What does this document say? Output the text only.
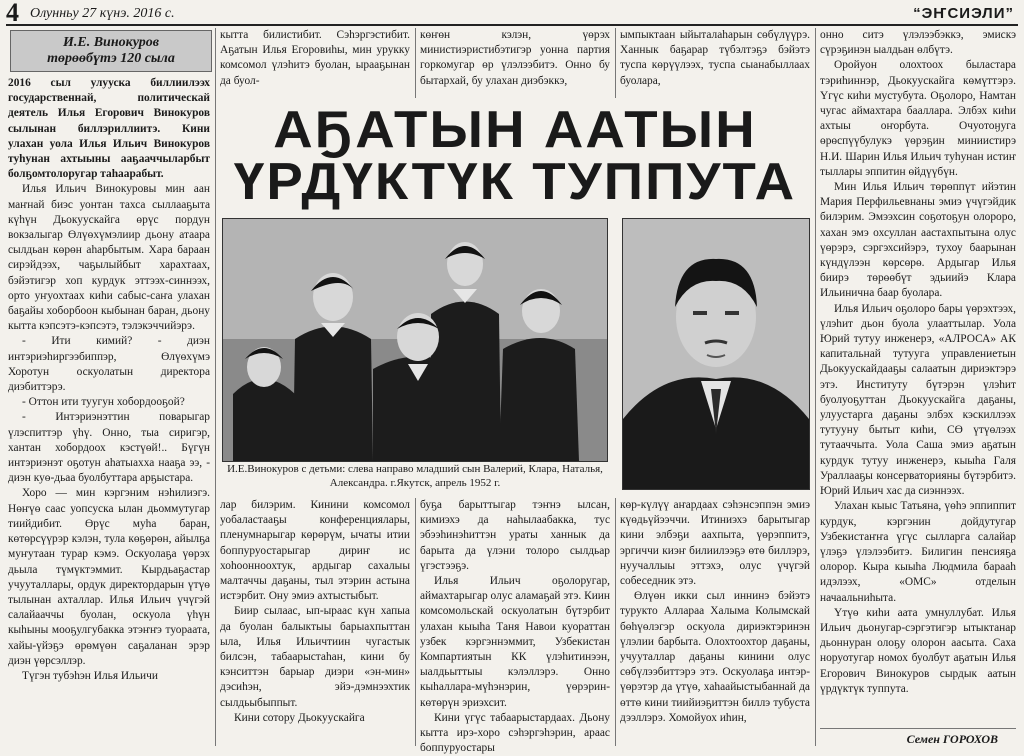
4 Олунньу 27 күнэ. 2016 с.	“ЭҤСИЭЛИ”
И.Е. Винокуров
төрөөбүтэ 120 сыла

2016 сыл улууска биллиилээх государственнай, политическай деятель Илья Егорович Винокуров сылынан биллэриллиитэ. Кини улахан уола Илья Ильич Винокуров туһунан ахтыыны ааҕааччыларбыт болҕомтолоругар таһаарабыт.

Илья Ильич Винокуровы мин аан маҥнай биэс уонтан тахса сыллааҕыта күһүн Дьокуускайга өрүс пордун вокзалыгар Өлүөхүмэлиир дьону атаара сылдьан көрөн аһарбытым. Хара бараан сирэйдээх, чаҕылыйбыт харахтаах, бэйэтигэр хоп курдук эттээх-синнээх, орто уҥуохтаах киһи сабыс-саҥа улахан баҕайы хоборбоон кыбынан баран, дьону кытта кэпсэтэ-кэпсэтэ, тэлэкэччийэрэ.

- Ити кимий? - диэн интэриэһиргээбиппэр, Өлүөхүмэ Хоротун оскуолатын директора диэбиттэрэ.

- Оттон ити туугун хобордооҕой?

- Интэриэнэттин поварыгар үлэспиттэр үһү. Онно, тыа сиригэр, хантан хобордоох кэстүөй!.. Бүгүн интэриэнэт оҕотун аһатыахха нааҕа ээ, - диэн куө-дьаа буолбуттара арҕыстара.

Хоро — мин кэргэним нэһилиэгэ. Нөҥүө саас уопсуска ылан дьоммутугар тиийдибит. Өрүс муһа баран, көтөрсүүрэр кэлэн, тула көҕөрөн, айылҕа муҥутаан турар кэмэ. Оскуолаҕа үөрэх дьыла түмүктэммит. Кырдьаҕастар учууталлары, ордук директордарын үтүө тылынан ахталлар. Илья Ильич үчүгэй салайааччы буолан, оскуола үһүн кыһыны мооҕулгубакка этэҥҥэ туораата, хайы-үйэҕэ өрөмүөн саҕаланан эрэр диэн үөрсэллэр.

Түгэн тубэһэн Илья Ильичи

кытта билистибит. Сэһэргэстибит. Аҕатын Илья Егоровиһы, мин урукку комсомол үлэһитэ буолан, ырааҕынан да буол-

лар билэрим. Кинини комсомол уобаластааҕы конференциялары, пленумнарыгар көрөрүм, ычаты итии боппуруостарыгар дириҥ ис хоһоонноохтук, ардыгар сахалыы малтаччы даҕаны, тыл этэрин астына истэрбит. Ону эмиэ ахтыстыбыт.

Биир сылаас, ып-ыраас күн хапыа да буолан балыктыы барыахпыттан ыла, Илья Ильичтиин чугастык билсэн, табаарыстаһан, кини бу кэнситтэн барыар диэри «эн-мин» дэсиһэн, эйэ-дэмнээхтик сылдьыбыппыт.

Кини сотору Дьокуускайга

көҥөн кэлэн, үөрэх министиэристибэтигэр уонна партия горкомугар өр үлэлээбитэ. Онно бу бытархай, бу улахан диэбэккэ,

буҕа барыттыгар тэҥнэ ылсан, кимиэхэ да наһылаабакка, тус эбээһинэһиттэн ураты ханнык да барыта да үлэни толоро сылдьар үгэстээҕэ.

Илья Ильич оҕолоругар, аймахтарыгар олус аламаҕай этэ. Киин комсомольскай оскуолатын бүтэрбит улахан кыыһа Таня Навои куораттан узбек кэргэннэммит, Узбекистан Компартиятын КК үлэһитинээн, ыалдьыттыы кэлэллэрэ. Онно кыһаллара-мүһэнэрин, үөрэрин-көтөрүн эриэхсит.

Кини үгүс табаарыстардаах. Дьону кытта ирэ-хоро сэһэргэһэрин, араас боппуруостары

ымпыктаан ыйыталаһарын сөбүлүүрэ. Ханнык баҕарар түбэлтэҕэ бэйэтэ туспа көрүүлээх, туспа сыанабыллаах буолара,

көр-күлүү аҥардаах сэһэнсэппэн эмиэ күөдьүйээччи. Итиниэхэ барытыгар кини элбэҕи аахпыта, үөрэппитэ, эргиччи киэҥ билиилээҕэ өтө биллэрэ, нуучаллыы эттэхэ, олус үчүгэй собеседник этэ.

Өлүөн икки сыл иннинэ бэйэтэ турукто Аллараа Халыма Колымскай бөһүөлэгэр оскуола дириэктэринэн үлэлии барбыта. Олохтоохтор даҕаны, учууталлар даҕаны кинини олус сөбүлээбиттэрэ этэ. Оскуолаҕа интэр-үөрэтэр да үтүө, хаһаайыстыбаннай да өттө кини тиийиэҕиттэн биллэ тубуста дээллэрэ. Хомойуох иһин,

онно ситэ үлэлээбэккэ, эмискэ сүрэҕинэн ыалдьан өлбүтэ.

Оройуон олохтоох быластара тэриһиннэр, Дьокуускайга көмүттэрэ. Үгүс киһи мустубута. Оҕолоро, Намтан чугас аймахтара бааллара. Элбэх киһи ахтыы оҥорбута. Очуотоӈуга өрөспүүбулукэ үөрэҕин миниистирэ Н.И. Шарин Илья Ильич туһунан истиҥ тыллары эппитин өйдүүбүн.

Мин Илья Ильич төрөппүт ийэтин Мария Перфильевнаны эмиэ үчүгэйдик билэрим. Эмээхсин соҕотоҕун олороро, хахан эмэ охсуллан аастахпытына олус үөрэрэ, сэргэхсийэрэ, тухоу баарынан күндүлээн көрсөрө. Ардыгар Илья биирэ төрөөбүт эдьиийэ Клара Ильинична баар буолара.

Илья Ильич оҕолоро бары үөрэхтээх, үлэһит дьон буола улааттылар. Уола Юрий тутуу инженерэ, «АЛРОСА» АК капитальнай тутууга управлениетын Дьокуускайдааҕы салаатын дириэктэрэ этэ. Институту бүтэрэн үлэһит буолуоҕуттан Дьокуускайга даҕаны, улуустарга даҕаны элбэх кэскиллээх тутууну бытыт киһи, СӨ үтүөлээх тутааччыта. Уола Саша эмиэ аҕатын курдук тутуу инженерэ, кыыһа Галя Ураллааҕы консерваторияны бүтэрбитэ. Юрий Ильич хас да сиэннээх.

Улахан кыыс Татьяна, үөһэ эппиппит курдук, кэргэнин дойдутугар Узбекистаҥҥа үгүс сылларга салайар үлэҕэ үлэлээбитэ. Билигин пенсияҕа олорор. Кыра кыыһа Людмила барааһ идэлээх, «ОМС» отделын начаальниһыта.

Үтүө киһи аата умнуллубат. Илья Ильич дьонугар-сэргэтигэр ытыктанар дьоннуран олоҕу олорон аасыта. Саха норуотугар номох буолбут аҕатын Илья Егорович Винокуров сырдык аатын үрдүктүк туппута.

АҔАТЫН ААТЫН
ҮРДҮКТҮК ТУППУТА
И.Е.Винокуров с детьми: слева направо младший сын Валерий, Клара, Наталья, Александра. г.Якутск, апрель 1952 г.
Семен ГОРОХОВ
